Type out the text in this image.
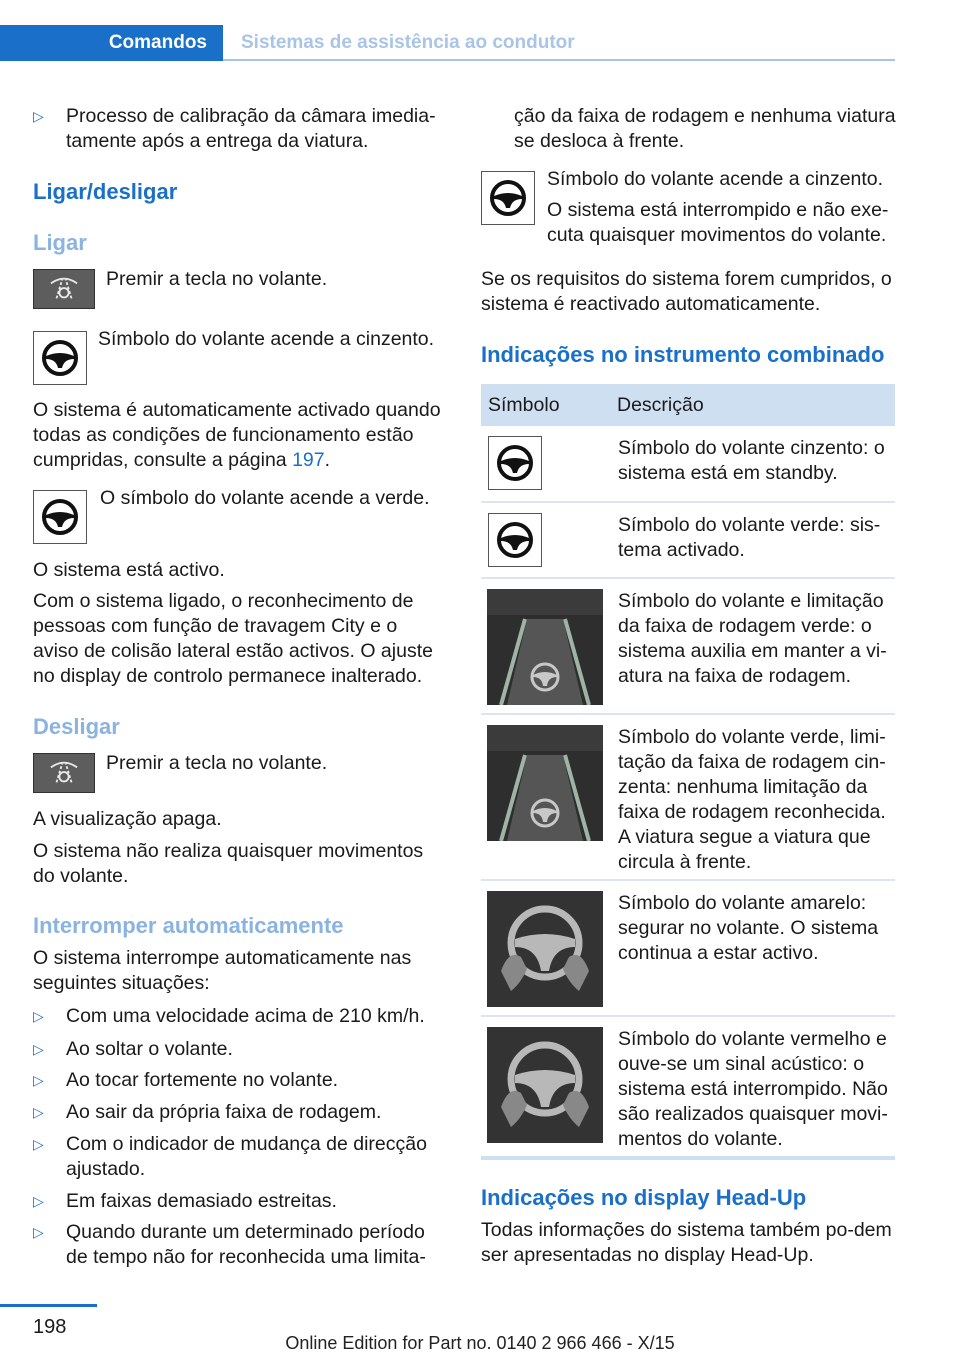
Comandos	Sistemas de assistência ao condutor
▷ Processo de calibração da câmara imedia-tamente após a entrega da viatura.
Ligar/desligar
Ligar
Premir a tecla no volante.
Símbolo do volante acende a cinzento.

O sistema é automaticamente activado quando todas as condições de funcionamento estão cumpridas, consulte a página 197.

O símbolo do volante acende a verde.
O sistema está activo.

Com o sistema ligado, o reconhecimento de pessoas com função de travagem City e o aviso de colisão lateral estão activos. O ajuste no display de controlo permanece inalterado.

Desligar
Premir a tecla no volante.
A visualização apaga.

O sistema não realiza quaisquer movimentos do volante.

Interromper automaticamente

O sistema interrompe automaticamente nas seguintes situações:

▷ Com uma velocidade acima de 210 km/h.
▷ Ao soltar o volante.
▷ Ao tocar fortemente no volante.
▷ Ao sair da própria faixa de rodagem.
▷ Com o indicador de mudança de direcção ajustado.
▷ Em faixas demasiado estreitas.
▷ Quando durante um determinado período de tempo não for reconhecida uma limita-

ção da faixa de rodagem e nenhuma viatura se desloca à frente.

Símbolo do volante acende a cinzento.

O sistema está interrompido e não exe-cuta quaisquer movimentos do volante.

Se os requisitos do sistema forem cumpridos, o sistema é reactivado automaticamente.

Indicações no instrumento combinado
Símbolo	Descrição

	Símbolo do volante cinzento: o sistema está em standby.

	Símbolo do volante verde: sis-tema activado.

	Símbolo do volante e limitação da faixa de rodagem verde: o sistema auxilia em manter a vi-atura na faixa de rodagem.

	Símbolo do volante verde, limi-tação da faixa de rodagem cin-zenta: nenhuma limitação da faixa de rodagem reconhecida. A viatura segue a viatura que circula à frente.

	Símbolo do volante amarelo: segurar no volante. O sistema continua a estar activo.

	Símbolo do volante vermelho e ouve-se um sinal acústico: o sistema está interrompido. Não são realizados quaisquer movi-mentos do volante.
Indicações no display Head-Up

Todas informações do sistema também po-dem ser apresentadas no display Head-Up.

198
Online Edition for Part no. 0140 2 966 466 - X/15
